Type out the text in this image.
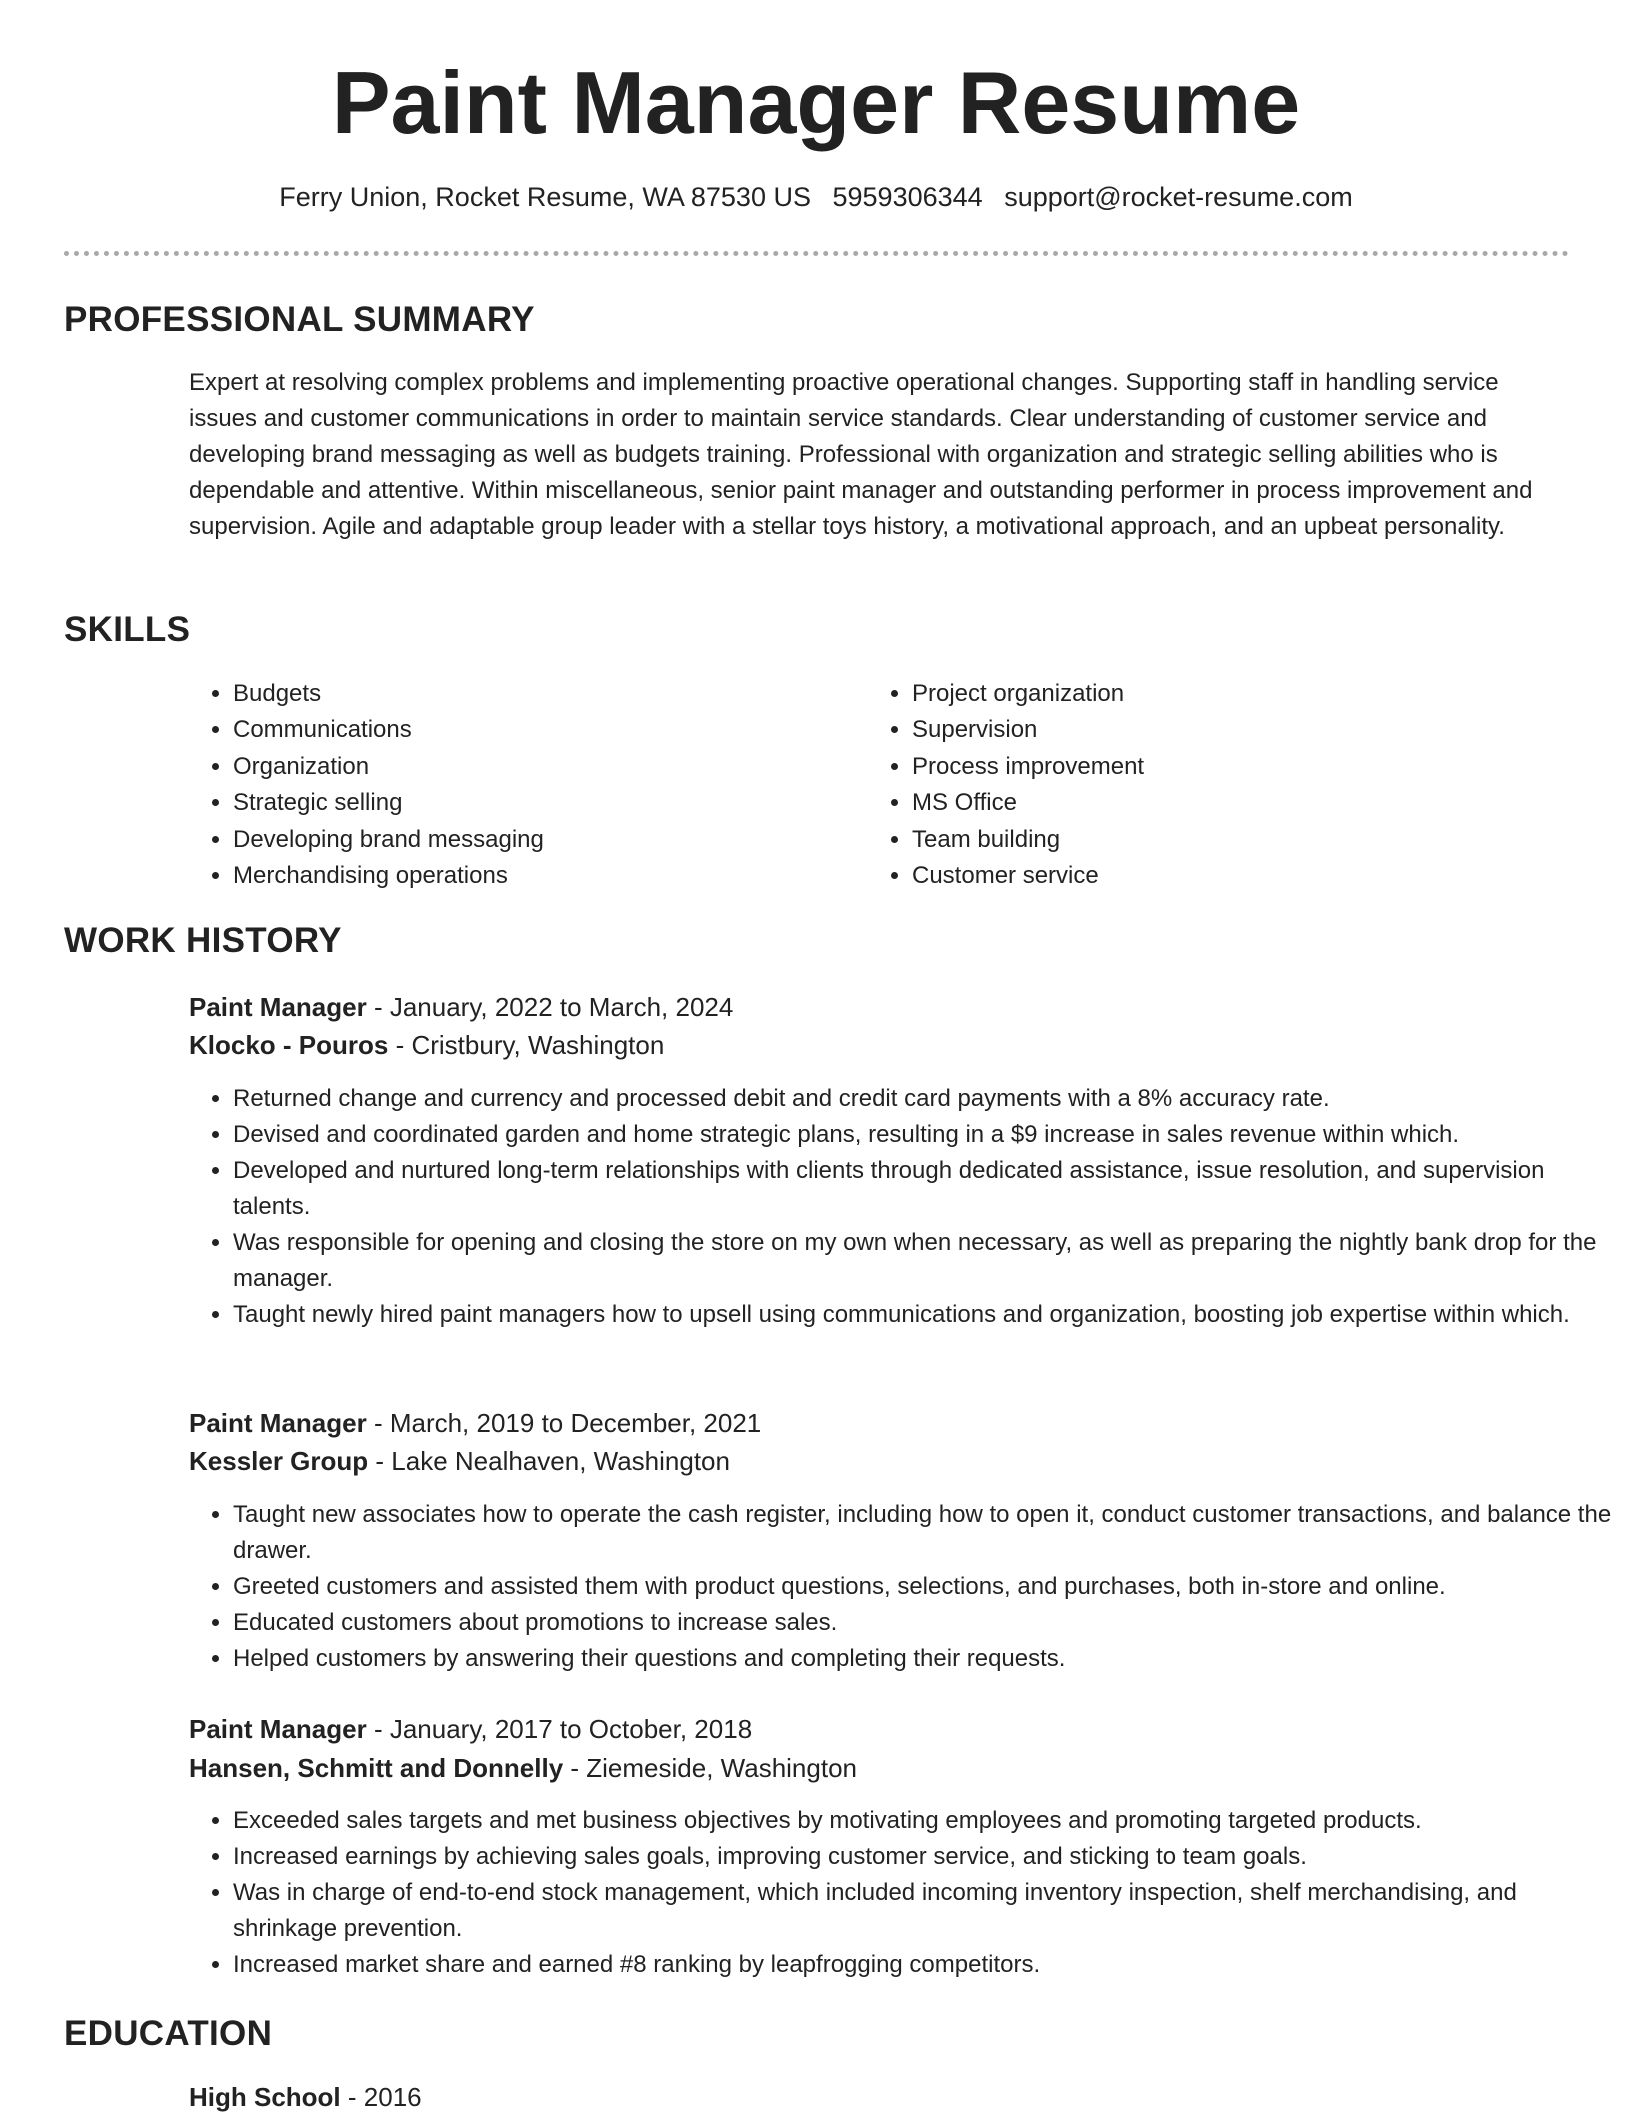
Paint Manager Resume
Ferry Union, Rocket Resume, WA 87530 US 5959306344 support@rocket-resume.com
PROFESSIONAL SUMMARY
Expert at resolving complex problems and implementing proactive operational changes. Supporting staff in handling service issues and customer communications in order to maintain service standards. Clear understanding of customer service and developing brand messaging as well as budgets training. Professional with organization and strategic selling abilities who is dependable and attentive. Within miscellaneous, senior paint manager and outstanding performer in process improvement and supervision. Agile and adaptable group leader with a stellar toys history, a motivational approach, and an upbeat personality.
SKILLS
• Budgets
• Communications
• Organization
• Strategic selling
• Developing brand messaging
• Merchandising operations
• Project organization
• Supervision
• Process improvement
• MS Office
• Team building
• Customer service
WORK HISTORY
Paint Manager - January, 2022 to March, 2024
Klocko - Pouros - Cristbury, Washington
• Returned change and currency and processed debit and credit card payments with a 8% accuracy rate.
• Devised and coordinated garden and home strategic plans, resulting in a $9 increase in sales revenue within which.
• Developed and nurtured long-term relationships with clients through dedicated assistance, issue resolution, and supervision talents.
• Was responsible for opening and closing the store on my own when necessary, as well as preparing the nightly bank drop for the manager.
• Taught newly hired paint managers how to upsell using communications and organization, boosting job expertise within which.
Paint Manager - March, 2019 to December, 2021
Kessler Group - Lake Nealhaven, Washington
• Taught new associates how to operate the cash register, including how to open it, conduct customer transactions, and balance the drawer.
• Greeted customers and assisted them with product questions, selections, and purchases, both in-store and online.
• Educated customers about promotions to increase sales.
• Helped customers by answering their questions and completing their requests.
Paint Manager - January, 2017 to October, 2018
Hansen, Schmitt and Donnelly - Ziemeside, Washington
• Exceeded sales targets and met business objectives by motivating employees and promoting targeted products.
• Increased earnings by achieving sales goals, improving customer service, and sticking to team goals.
• Was in charge of end-to-end stock management, which included incoming inventory inspection, shelf merchandising, and shrinkage prevention.
• Increased market share and earned #8 ranking by leapfrogging competitors.
EDUCATION
High School - 2016
